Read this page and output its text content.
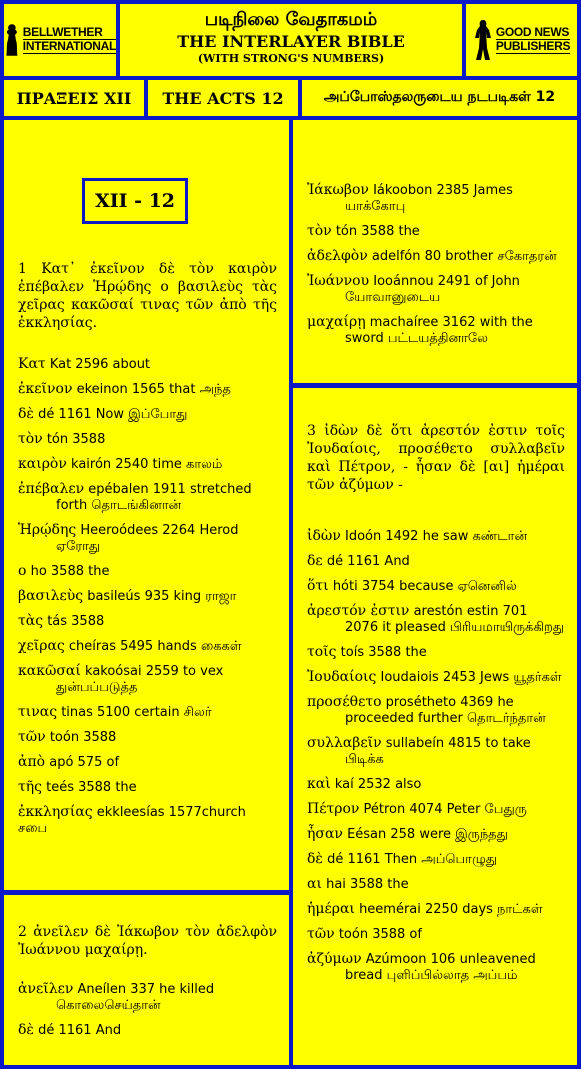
BELLWETHER
INTERNATIONAL
படிநிலை வேதாகமம்
THE INTERLAYER BIBLE
(WITH STRONG'S NUMBERS)
GOOD NEWS
PUBLISHERS
ΠΡΑΞΕΙΣ XII THE ACTS 12	அப்போஸ்தலருடைய நடபடிகள் 12
XII - 12
1 Κατ᾽ ἐκεῖνον δὲ τὸν καιρὸν ἐπέβαλεν Ἡρῴδης ο βασιλεὺς τὰς χεῖρας κακῶσαί τινας τῶν ἀπὸ τῆς ἐκκλησίας.
Κατ Kat 2596 about
ἐκεῖνον ekeinon 1565 that அந்த
δὲ dé 1161 Now இப்போது
τὸν tón 3588
καιρὸν kairón 2540 time காலம்
ἐπέβαλεν epébalen 1911 stretched
forth தொடங்கினான்
Ἡρῴδης Heeroódees 2264 Herod
ஏரோது
ο ho 3588 the
βασιλεὺς basileús 935 king ராஜா
τὰς tás 3588
χεῖρας cheíras 5495 hands கைகள்
κακῶσαί kakoósai 2559 to vex
துன்பப்படுத்த
τινας tinas 5100 certain சிலர்
τῶν toón 3588
ἀπὸ apó 575 of
τῆς teés 3588 the
ἐκκλησίας ekkleesías 1577church சபை
2 ἀνεῖλεν δὲ Ἰάκωβον τὸν ἀδελφὸν Ἰωάννου μαχαίρῃ.
ἀνεῖλεν Aneílen 337 he killed
கொலைசெய்தான்
δὲ dé 1161 And
Ἰάκωβον Iákoobon 2385 James
யாக்கோபு
τὸν tón 3588 the
ἀδελφὸν adelfón 80 brother சகோதரன்
Ἰωάννου Iooánnou 2491 of John
யோவானுடைய
μαχαίρῃ machaíree 3162 with the
sword பட்டயத்தினாலே
3 ἰδὼν δὲ ὅτι ἀρεστόν ἐστιν τοῖς Ἰουδαίοις, προσέθετο συλλαβεῖν καὶ Πέτρον, - ἦσαν δὲ [αι] ἡμέραι τῶν ἀζύμων -
ἰδὼν Idoón 1492 he saw கண்டான்
δε dé 1161 And
ὅτι hóti 3754 because ஏனெனில்
ἀρεστόν ἐστιν arestón estin 701
2076 it pleased பிரியமாயிருக்கிறது
τοῖς toís 3588 the
Ἰουδαίοις Ioudaiois 2453 Jews யூதர்கள்
προσέθετο prosétheto 4369 he
proceeded further தொடர்ந்தான்
συλλαβεῖν sullabeín 4815 to take
பிடிக்க
καὶ kaí 2532 also
Πέτρον Pétron 4074 Peter பேதுரு
ἦσαν Eésan 258 were இருந்தது
δὲ dé 1161 Then அப்பொழுது
αι hai 3588 the
ἡμέραι heemérai 2250 days நாட்கள்
τῶν toón 3588 of
ἀζύμων Azúmoon 106 unleavened
bread புளிப்பில்லாத அப்பம்
